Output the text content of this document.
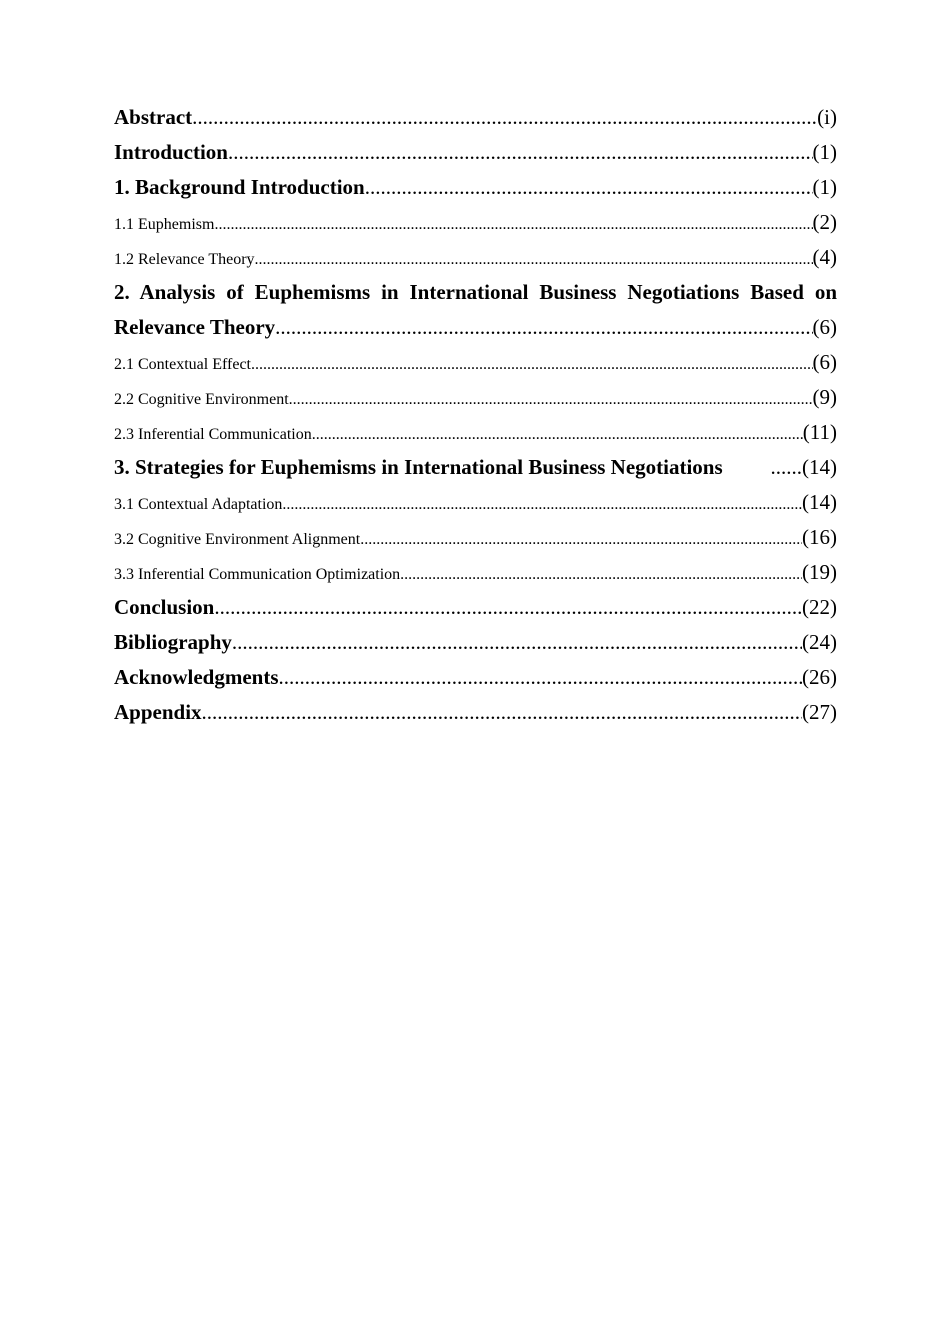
Abstract .....	(i)
Introduction .....	(1)
1. Background Introduction .....	(1)
1.1 Euphemism .....	(2)
1.2 Relevance Theory .....	(4)
2. Analysis of Euphemisms in International Business Negotiations Based on
Relevance Theory .....	(6)
2.1 Contextual Effect .....	(6)
2.2 Cognitive Environment .....	(9)
2.3 Inferential Communication .....	(11)
3. Strategies for Euphemisms in International Business Negotiations ......	(14)
3.1 Contextual Adaptation .....	(14)
3.2 Cognitive Environment Alignment .....	(16)
3.3 Inferential Communication Optimization .....	(19)
Conclusion .....	(22)
Bibliography .....	(24)
Acknowledgments .....	(26)
Appendix .....	(27)
